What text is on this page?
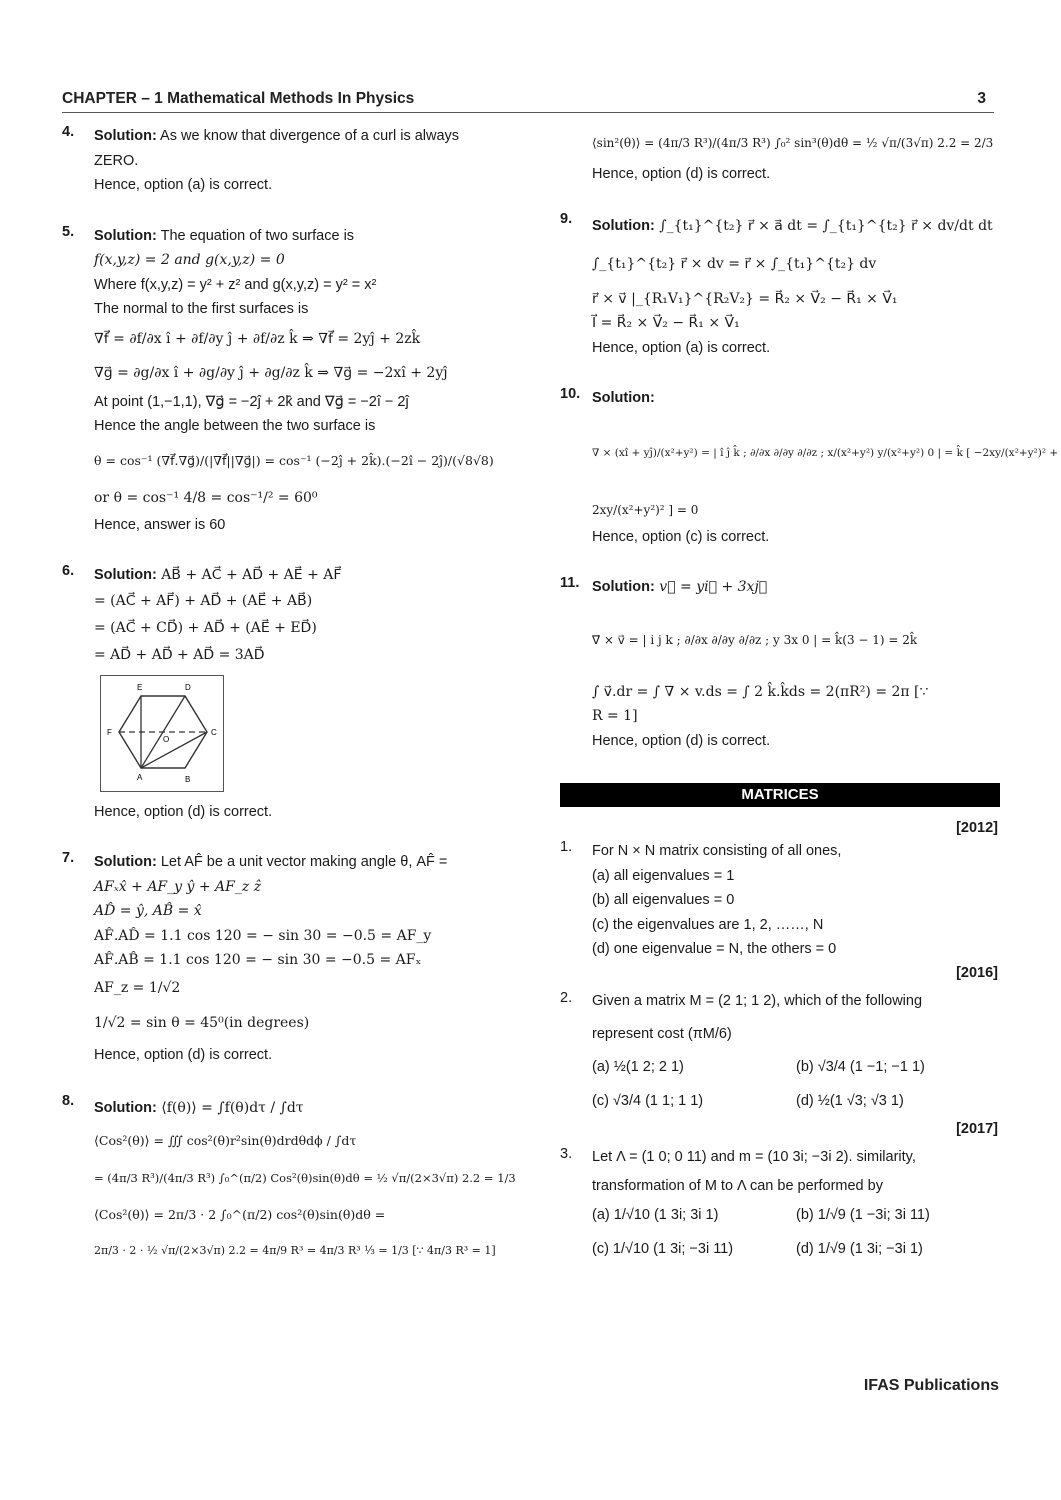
CHAPTER – 1 Mathematical Methods In Physics	3
4. Solution: As we know that divergence of a curl is always
ZERO.
Hence, option (a) is correct.
5. Solution: The equation of two surface is
f(x,y,z) = 2 and g(x,y,z) = 0
Where f(x,y,z) = y² + z² and g(x,y,z) = y² = x²
The normal to the first surfaces is
∇f⃗ = ∂f/∂x î + ∂f/∂y ĵ + ∂f/∂z k̂ ⇒ ∇f⃗ = 2yĵ + 2zk̂
∇g⃗ = ∂g/∂x î + ∂g/∂y ĵ + ∂g/∂z k̂ ⇒ ∇g⃗ = −2xî + 2yĵ
At point (1,−1,1), ∇g⃗ = −2ĵ + 2k̂ and ∇g⃗ = −2î − 2ĵ
Hence the angle between the two surface is
θ = cos⁻¹ (∇f⃗.∇g⃗)/(|∇f⃗||∇g⃗|) = cos⁻¹ (−2ĵ + 2k̂).(−2î − 2ĵ)/(√8√8)
or θ = cos⁻¹ 4/8 = cos⁻¹/² = 60⁰
Hence, answer is 60
6. Solution: AB⃗ + AC⃗ + AD⃗ + AE⃗ + AF⃗
= (AC⃗ + AF⃗) + AD⃗ + (AE⃗ + AB⃗)
= (AC⃗ + CD⃗) + AD⃗ + (AE⃗ + ED⃗)
= AD⃗ + AD⃗ + AD⃗ = 3AD⃗
E	D
F	C
O
A	B
Hence, option (d) is correct.
7. Solution: Let AF̂ be a unit vector making angle θ, AF̂ =
AFₓx̂ + AF_y ŷ + AF_z ẑ
AD̂ = ŷ, AB̂ = x̂
AF̂.AD̂ = 1.1 cos 120 = − sin 30 = −0.5 = AF_y
AF̂.AB̂ = 1.1 cos 120 = − sin 30 = −0.5 = AFₓ
AF_z = 1/√2
1/√2 = sin θ = 45⁰(in degrees)
Hence, option (d) is correct.
8. Solution: ⟨f(θ)⟩ = ∫f(θ)dτ / ∫dτ
⟨Cos²(θ)⟩ = ∭ cos²(θ)r²sin(θ)drdθdϕ / ∫dτ
= (4π/3 R³)/(4π/3 R³) ∫₀^(π/2) Cos²(θ)sin(θ)dθ = ½ √π/(2×3√π) 2.2 = 1/3
⟨Cos²(θ)⟩ = 2π/3 · 2 ∫₀^(π/2) cos²(θ)sin(θ)dθ =
2π/3 · 2 · ½ √π/(2×3√π) 2.2 = 4π/9 R³ = 4π/3 R³ ⅓ = 1/3 [∵ 4π/3 R³ = 1]
⟨sin²(θ)⟩ = (4π/3 R³)/(4π/3 R³) ∫₀² sin³(θ)dθ = ½ √π/(3√π) 2.2 = 2/3
Hence, option (d) is correct.
9. Solution: ∫_{t₁}^{t₂} r⃗ × a⃗ dt = ∫_{t₁}^{t₂} r⃗ × dv/dt dt
∫_{t₁}^{t₂} r⃗ × dv = r⃗ × ∫_{t₁}^{t₂} dv
r⃗ × v⃗ |_{R₁V₁}^{R₂V₂} = R⃗₂ × V⃗₂ − R⃗₁ × V⃗₁
I⃗ = R⃗₂ × V⃗₂ − R⃗₁ × V⃗₁
Hence, option (a) is correct.
10. Solution:
∇ × (xî + yĵ)/(x²+y²) = | î ĵ k̂ ; ∂/∂x ∂/∂y ∂/∂z ; x/(x²+y²) y/(x²+y²) 0 | = k̂ [ −2xy/(x²+y²)² +
2xy/(x²+y²)² ] = 0
Hence, option (c) is correct.
11. Solution: v⃗ = yi⃗ + 3xj⃗
∇⃗ × v⃗ = | i j k ; ∂/∂x ∂/∂y ∂/∂z ; y 3x 0 | = k̂(3 − 1) = 2k̂
∫ v⃗.dr = ∫ ∇ × v.ds = ∫ 2 k̂.k̂ds = 2(πR²) = 2π [∵
R = 1]
Hence, option (d) is correct.
MATRICES
[2012]
1. For N × N matrix consisting of all ones,
(a) all eigenvalues = 1
(b) all eigenvalues = 0
(c) the eigenvalues are 1, 2, ……, N
(d) one eigenvalue = N, the others = 0
[2016]
2. Given a matrix M = (2 1; 1 2), which of the following
represent cost (πM/6)
(a) ½(1 2; 2 1)	(b) √3/4 (1 −1; −1 1)
(c) √3/4 (1 1; 1 1)	(d) ½(1 √3; √3 1)
[2017]
3. Let Λ = (1 0; 0 11) and m = (10 3i; −3i 2). similarity,
transformation of M to Λ can be performed by
(a) 1/√10 (1 3i; 3i 1)	(b) 1/√9 (1 −3i; 3i 11)
(c) 1/√10 (1 3i; −3i 11)	(d) 1/√9 (1 3i; −3i 1)
IFAS Publications
